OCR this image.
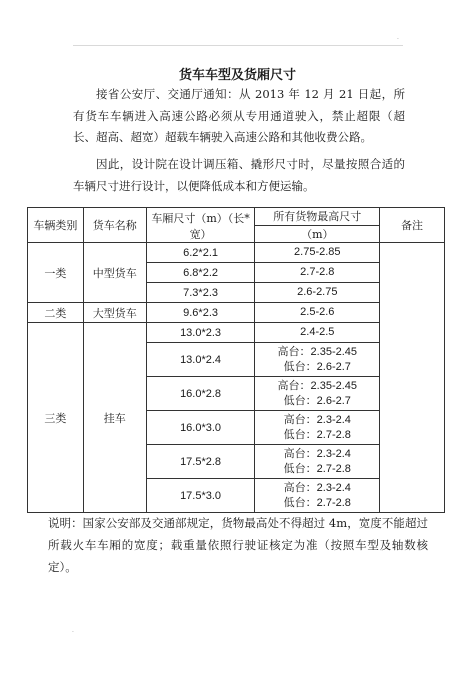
·
货车车型及货厢尺寸
接省公安厅、交通厅通知：从 2013 年 12 月 21 日起，所有货车车辆进入高速公路必须从专用通道驶入，禁止超限（超长、超高、超宽）超载车辆驶入高速公路和其他收费公路。
因此，设计院在设计调压箱、撬形尺寸时，尽量按照合适的车辆尺寸进行设计，以便降低成本和方便运输。
车辆类别	货车名称	车厢尺寸（m）（长*宽）	所有货物最高尺寸	备注
			（m）	
一类	中型货车	6.2*2.1	2.75-2.85	

		6.8*2.2	2.7-2.8	

		7.3*2.3	2.6-2.75	

二类	大型货车	9.6*2.3	2.5-2.6	

三类	挂车	13.0*2.3	2.4-2.5	

		13.0*2.4	高台：2.35-2.45
低台：2.6-2.7	

		16.0*2.8	高台：2.35-2.45
低台：2.6-2.7	

		16.0*3.0	高台：2.3-2.4
低台：2.7-2.8	

		17.5*2.8	高台：2.3-2.4
低台：2.7-2.8	

		17.5*3.0	高台：2.3-2.4
低台：2.7-2.8	
说明：国家公安部及交通部规定，货物最高处不得超过 4m，宽度不能超过所载火车车厢的宽度；载重量依照行驶证核定为准（按照车型及轴数核定）。
·
